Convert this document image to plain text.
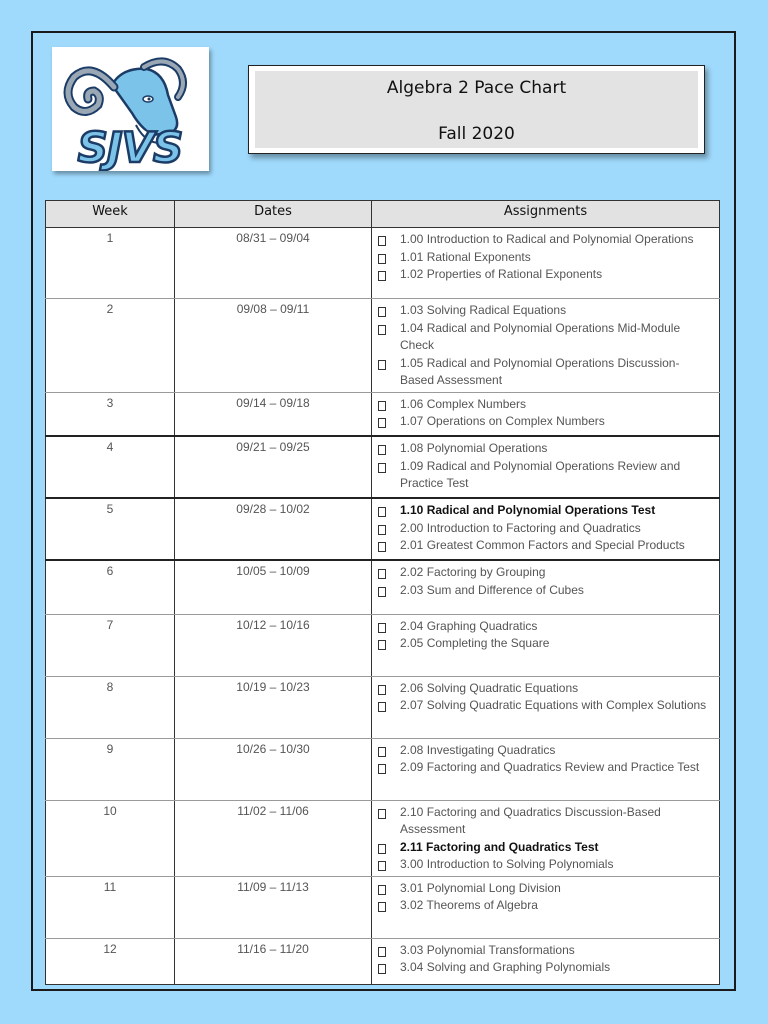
SJVS
Algebra 2 Pace Chart
Fall 2020
Week	Dates	Assignments
1	08/31 – 09/04	1.00 Introduction to Radical and Polynomial Operations
1.01 Rational Exponents
1.02 Properties of Rational Exponents

2	09/08 – 09/11	1.03 Solving Radical Equations
1.04 Radical and Polynomial Operations Mid-Module Check
1.05 Radical and Polynomial Operations Discussion-Based Assessment

3	09/14 – 09/18	1.06 Complex Numbers
1.07 Operations on Complex Numbers

4	09/21 – 09/25	1.08 Polynomial Operations
1.09 Radical and Polynomial Operations Review and Practice Test

5	09/28 – 10/02	1.10 Radical and Polynomial Operations Test
2.00 Introduction to Factoring and Quadratics
2.01 Greatest Common Factors and Special Products

6	10/05 – 10/09	2.02 Factoring by Grouping
2.03 Sum and Difference of Cubes

7	10/12 – 10/16	2.04 Graphing Quadratics
2.05 Completing the Square

8	10/19 – 10/23	2.06 Solving Quadratic Equations
2.07 Solving Quadratic Equations with Complex Solutions

9	10/26 – 10/30	2.08 Investigating Quadratics
2.09 Factoring and Quadratics Review and Practice Test

10	11/02 – 11/06	2.10 Factoring and Quadratics Discussion-Based Assessment
2.11 Factoring and Quadratics Test
3.00 Introduction to Solving Polynomials

11	11/09 – 11/13	3.01 Polynomial Long Division
3.02 Theorems of Algebra

12	11/16 – 11/20	3.03 Polynomial Transformations
3.04 Solving and Graphing Polynomials
